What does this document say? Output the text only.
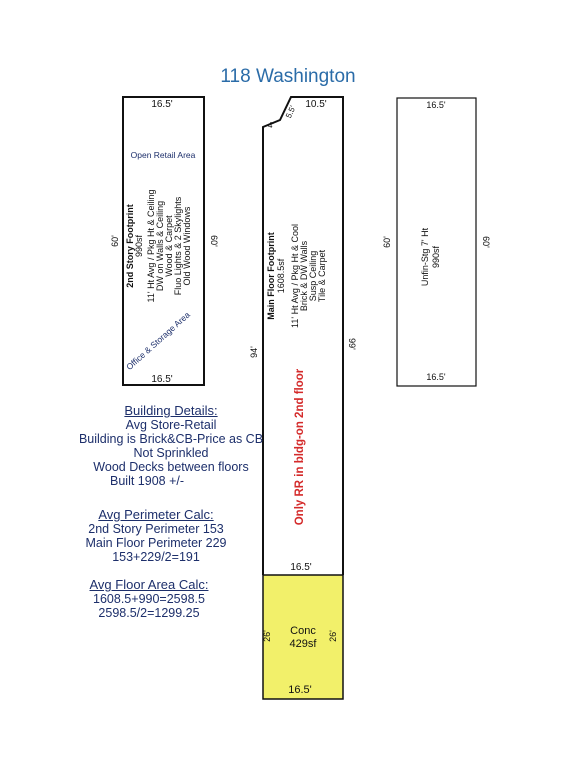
118 Washington
16.5'
16.5'
60'	60'
Open Retail Area
Office & Storage Area
2nd Story Footprint 990sf 11' Ht Avg / Pkg Ht & Ceiling DW on Walls & Ceiling Wood & Carpet Fluo Lights & 2 Skylights Old Wood Windows
10.5'
5.5'
4'
94'
99'
16.5'
Main Floor Footprint 1608.5sf 11' Ht Avg / Pkg Ht & Cool Brick & DW Walls Susp Ceiling Tile & Carpet
Only RR in bldg-on 2nd floor
Conc
429sf
26'	26'
16.5'
16.5'
16.5'
60'	60'
Unfin-Stg 7' Ht 990sf
Building Details:
Avg Store-Retail
Building is Brick&CB-Price as CB
Not Sprinkled
Wood Decks between floors
Built 1908 +/-
Avg Perimeter Calc:
2nd Story Perimeter 153
Main Floor Perimeter 229
153+229/2=191
Avg Floor Area Calc:
1608.5+990=2598.5
2598.5/2=1299.25
